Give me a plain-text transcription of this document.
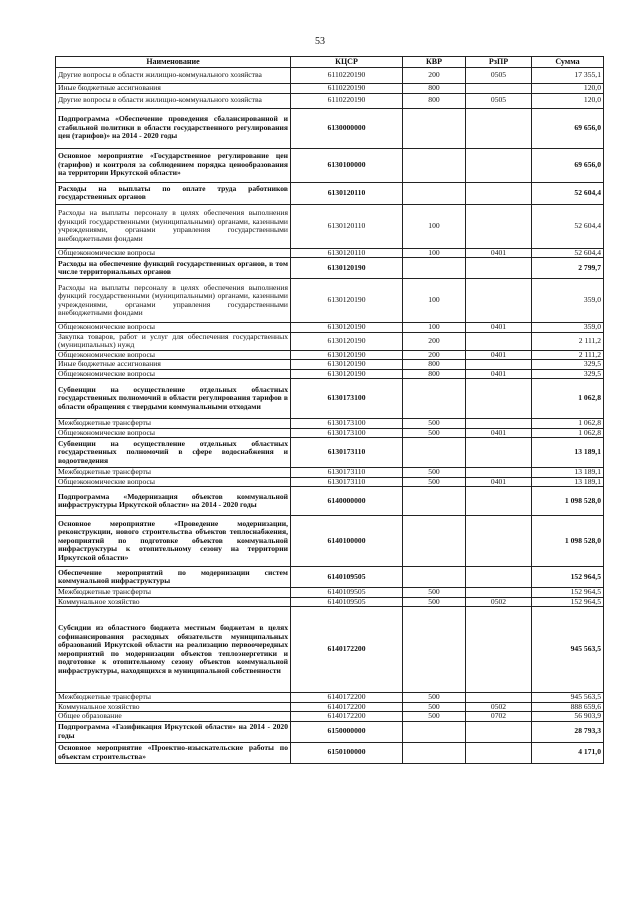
53
Наименование	КЦСР	КВР	РзПР	Сумма
Другие вопросы в области жилищно-коммунального хозяйства	6110220190	200	0505	17 355,1
Иные бюджетные ассигнования	6110220190	800		120,0
Другие вопросы в области жилищно-коммунального хозяйства	6110220190	800	0505	120,0
Подпрограмма «Обеспечение проведения сбалансированной и стабильной политики в области государственного регулирования цен (тарифов)» на 2014 - 2020 годы	6130000000			69 656,0
Основное мероприятие «Государственное регулирование цен (тарифов) и контроля за соблюдением порядка ценообразования на территории Иркутской области»	6130100000			69 656,0
Расходы на выплаты по оплате труда работников государственных органов	6130120110			52 604,4
Расходы на выплаты персоналу в целях обеспечения выполнения функций государственными (муниципальными) органами, казенными учреждениями, органами управления государственными внебюджетными фондами	6130120110	100		52 604,4
Общеэкономические вопросы	6130120110	100	0401	52 604,4
Расходы на обеспечение функций государственных органов, в том числе территориальных органов	6130120190			2 799,7
Расходы на выплаты персоналу в целях обеспечения выполнения функций государственными (муниципальными) органами, казенными учреждениями, органами управления государственными внебюджетными фондами	6130120190	100		359,0
Общеэкономические вопросы	6130120190	100	0401	359,0
Закупка товаров, работ и услуг для обеспечения государственных (муниципальных) нужд	6130120190	200		2 111,2
Общеэкономические вопросы	6130120190	200	0401	2 111,2
Иные бюджетные ассигнования	6130120190	800		329,5
Общеэкономические вопросы	6130120190	800	0401	329,5
Субвенции на осуществление отдельных областных государственных полномочий в области регулирования тарифов в области обращения с твердыми коммунальными отходами	6130173100			1 062,8
Межбюджетные трансферты	6130173100	500		1 062,8
Общеэкономические вопросы	6130173100	500	0401	1 062,8
Субвенции на осуществление отдельных областных государственных полномочий в сфере водоснабжения и водоотведения	6130173110			13 189,1
Межбюджетные трансферты	6130173110	500		13 189,1
Общеэкономические вопросы	6130173110	500	0401	13 189,1
Подпрограмма «Модернизация объектов коммунальной инфраструктуры Иркутской области» на 2014 - 2020 годы	6140000000			1 098 528,0
Основное мероприятие «Проведение модернизации, реконструкции, нового строительства объектов теплоснабжения, мероприятий по подготовке объектов коммунальной инфраструктуры к отопительному сезону на территории Иркутской области»	6140100000			1 098 528,0
Обеспечение мероприятий по модернизации систем коммунальной инфраструктуры	6140109505			152 964,5
Межбюджетные трансферты	6140109505	500		152 964,5
Коммунальное хозяйство	6140109505	500	0502	152 964,5
Субсидии из областного бюджета местным бюджетам в целях софинансирования расходных обязательств муниципальных образований Иркутской области на реализацию первоочередных мероприятий по модернизации объектов теплоэнергетики и подготовке к отопительному сезону объектов коммунальной инфраструктуры, находящихся в муниципальной собственности	6140172200			945 563,5
Межбюджетные трансферты	6140172200	500		945 563,5
Коммунальное хозяйство	6140172200	500	0502	888 659,6
Общее образование	6140172200	500	0702	56 903,9
Подпрограмма «Газификация Иркутской области» на 2014 - 2020 годы	6150000000			28 793,3
Основное мероприятие «Проектно-изыскательские работы по объектам строительства»	6150100000			4 171,0
